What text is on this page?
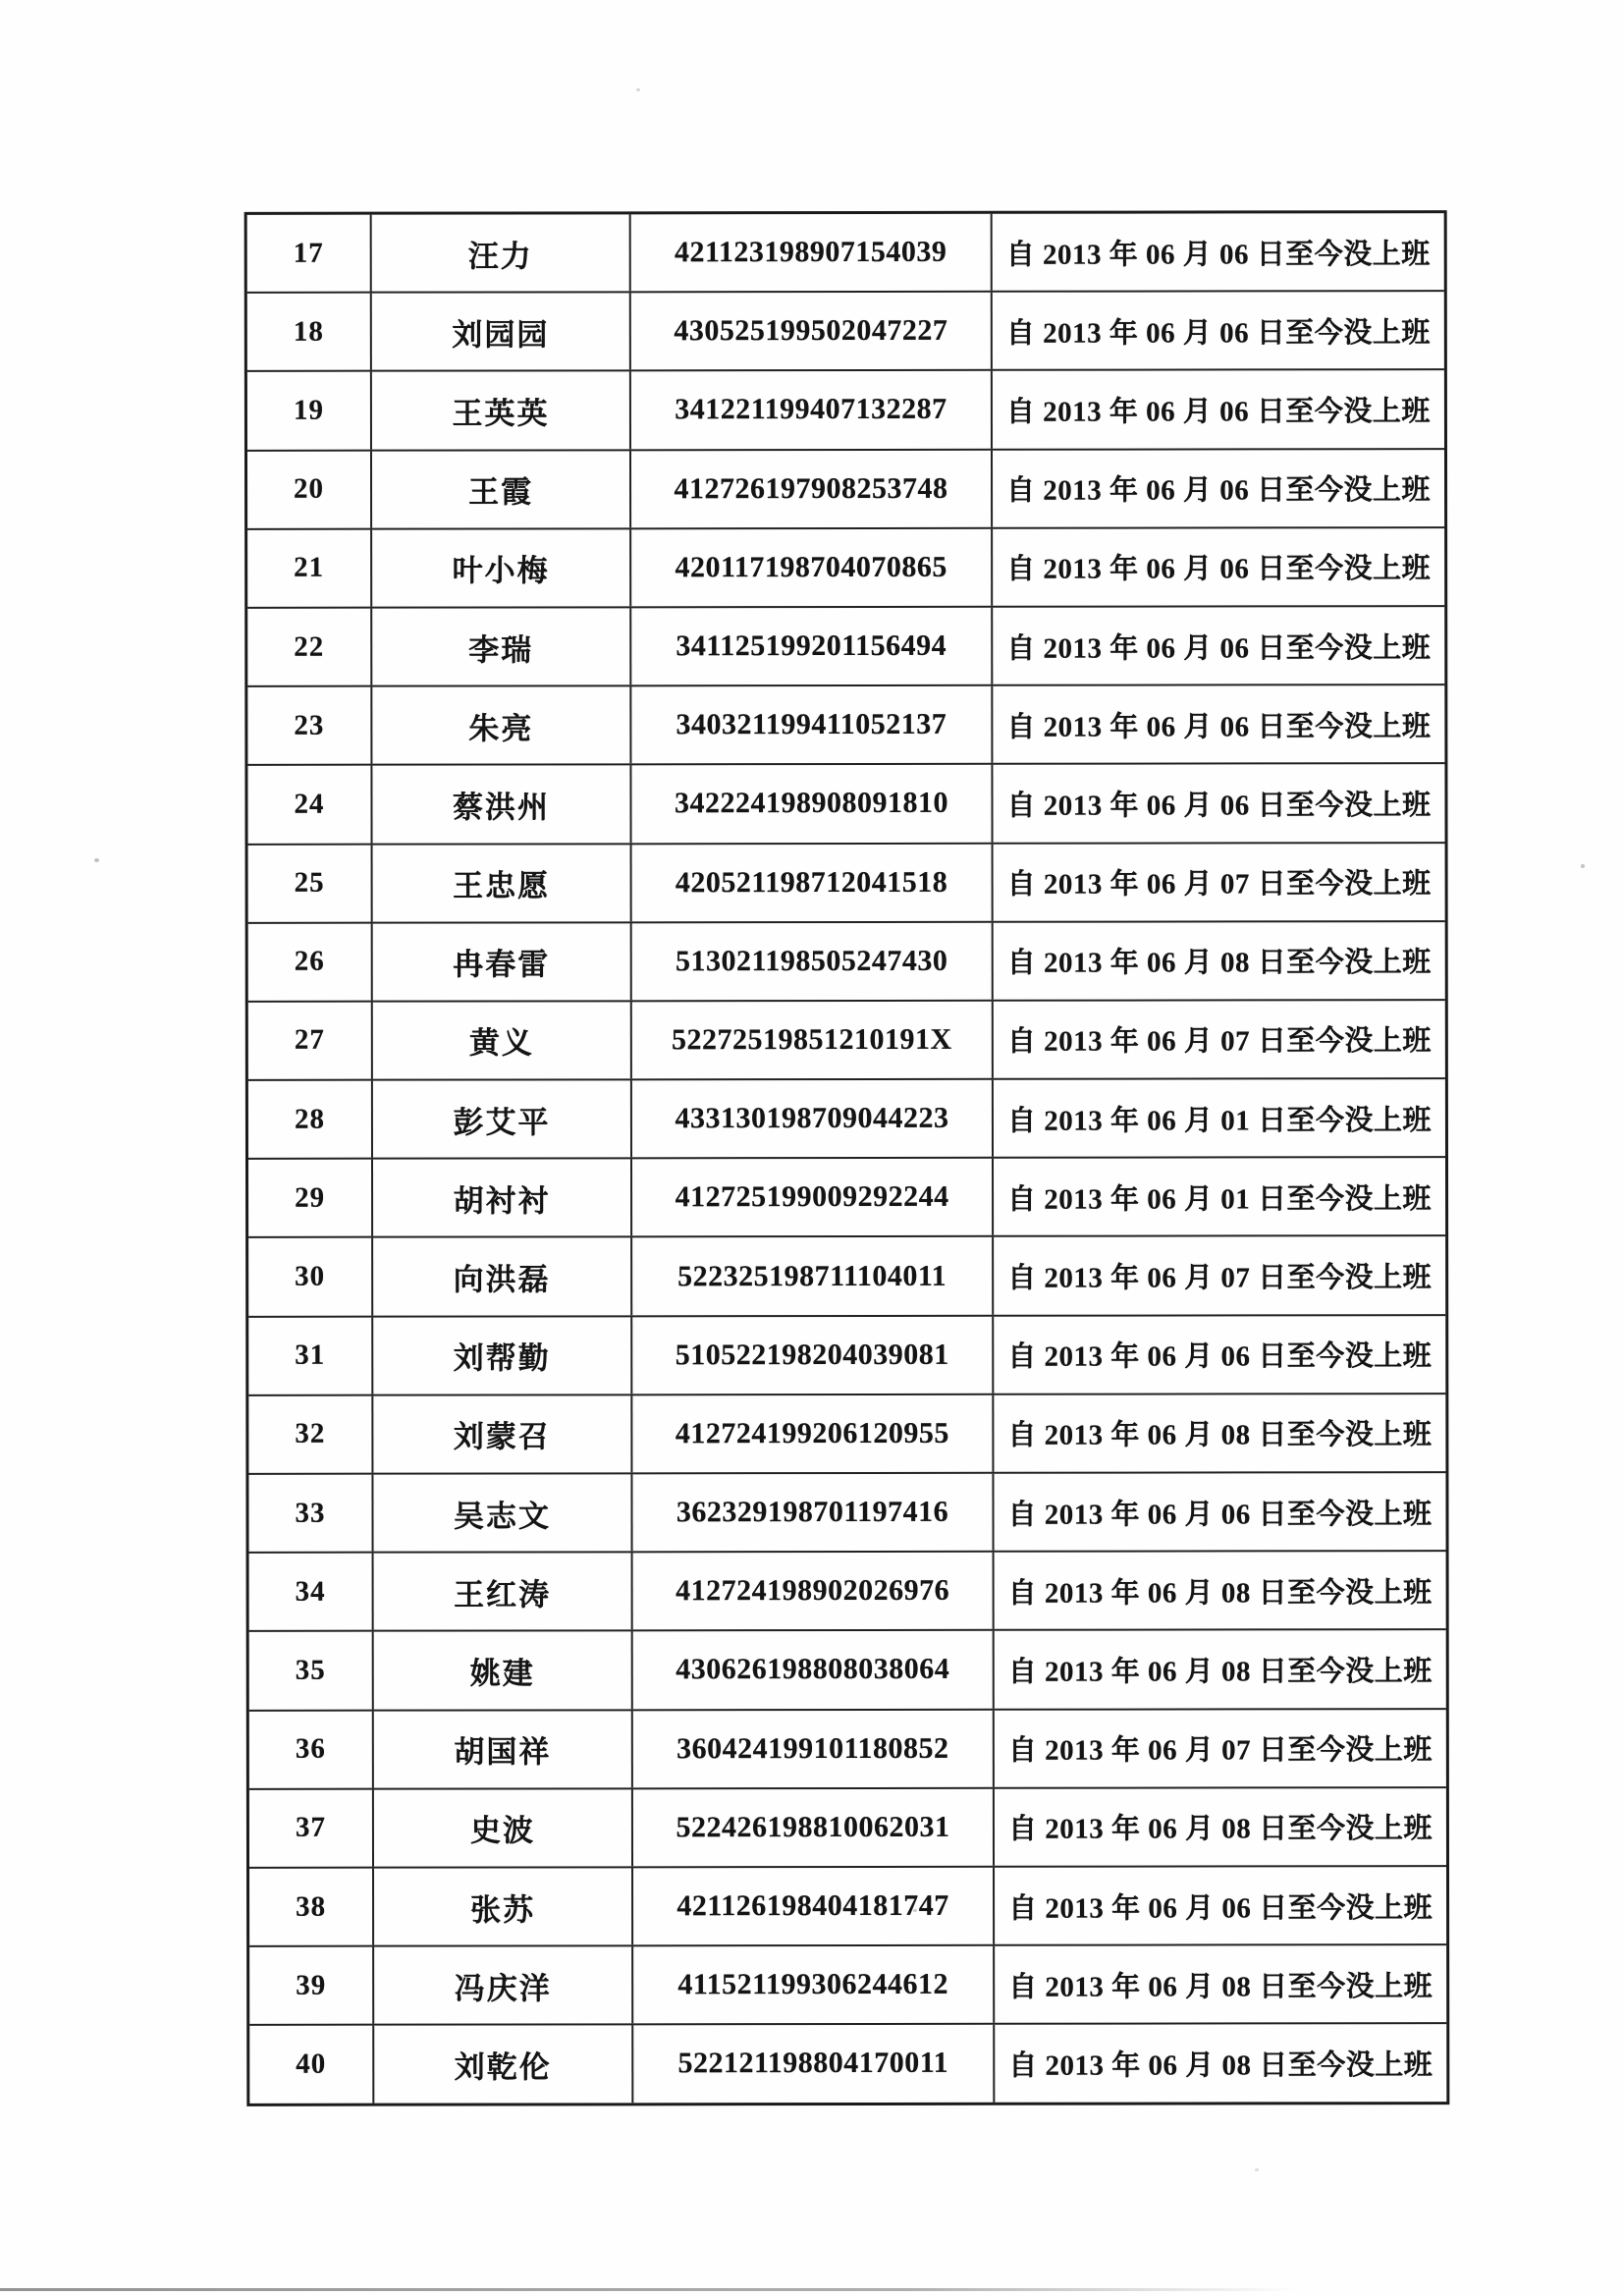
17	汪力	421123198907154039	自 2013 年 06 月 06 日至今没上班
18	刘园园	430525199502047227	自 2013 年 06 月 06 日至今没上班
19	王英英	341221199407132287	自 2013 年 06 月 06 日至今没上班
20	王霞	412726197908253748	自 2013 年 06 月 06 日至今没上班
21	叶小梅	420117198704070865	自 2013 年 06 月 06 日至今没上班
22	李瑞	341125199201156494	自 2013 年 06 月 06 日至今没上班
23	朱亮	340321199411052137	自 2013 年 06 月 06 日至今没上班
24	蔡洪州	342224198908091810	自 2013 年 06 月 06 日至今没上班
25	王忠愿	420521198712041518	自 2013 年 06 月 07 日至今没上班
26	冉春雷	513021198505247430	自 2013 年 06 月 08 日至今没上班
27	黄义	52272519851210191X	自 2013 年 06 月 07 日至今没上班
28	彭艾平	433130198709044223	自 2013 年 06 月 01 日至今没上班
29	胡衬衬	412725199009292244	自 2013 年 06 月 01 日至今没上班
30	向洪磊	522325198711104011	自 2013 年 06 月 07 日至今没上班
31	刘帮勤	510522198204039081	自 2013 年 06 月 06 日至今没上班
32	刘蒙召	412724199206120955	自 2013 年 06 月 08 日至今没上班
33	吴志文	362329198701197416	自 2013 年 06 月 06 日至今没上班
34	王红涛	412724198902026976	自 2013 年 06 月 08 日至今没上班
35	姚建	430626198808038064	自 2013 年 06 月 08 日至今没上班
36	胡国祥	360424199101180852	自 2013 年 06 月 07 日至今没上班
37	史波	522426198810062031	自 2013 年 06 月 08 日至今没上班
38	张苏	421126198404181747	自 2013 年 06 月 06 日至今没上班
39	冯庆洋	411521199306244612	自 2013 年 06 月 08 日至今没上班
40	刘乾伦	522121198804170011	自 2013 年 06 月 08 日至今没上班
